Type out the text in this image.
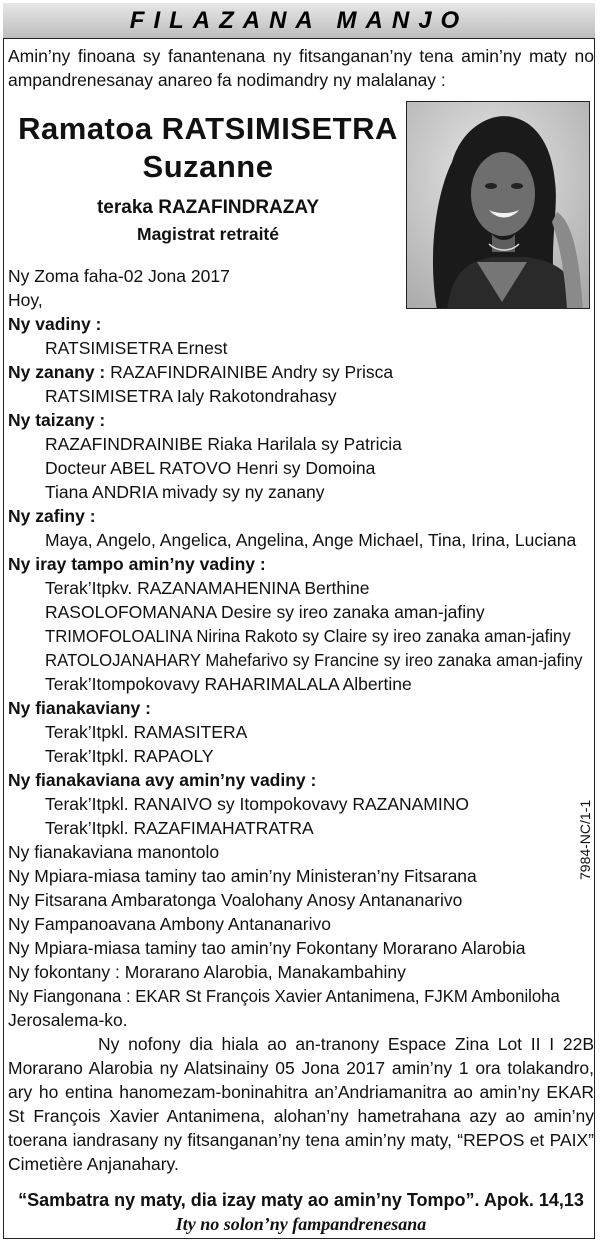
FILAZANA MANJO
Amin’ny finoana sy fanantenana ny fitsanganan’ny tena amin’ny maty no ampandrenesanay anareo fa nodimandry ny malalanay :
Ramatoa RATSIMISETRA
Suzanne
teraka RAZAFINDRAZAY
Magistrat retraité
Ny Zoma faha-02 Jona 2017
Hoy,
Ny vadiny :
RATSIMISETRA Ernest
Ny zanany : RAZAFINDRAINIBE Andry sy Prisca
RATSIMISETRA Ialy Rakotondrahasy
Ny taizany :
RAZAFINDRAINIBE Riaka Harilala sy Patricia
Docteur ABEL RATOVO Henri sy Domoina
Tiana ANDRIA mivady sy ny zanany
Ny zafiny :
Maya, Angelo, Angelica, Angelina, Ange Michael, Tina, Irina, Luciana
Ny iray tampo amin’ny vadiny :
Terak’Itpkv. RAZANAMAHENINA Berthine
RASOLOFOMANANA Desire sy ireo zanaka aman-jafiny
TRIMOFOLOALINA Nirina Rakoto sy Claire sy ireo zanaka aman-jafiny
RATOLOJANAHARY Mahefarivo sy Francine sy ireo zanaka aman-jafiny
Terak’Itompokovavy RAHARIMALALA Albertine
Ny fianakaviany :
Terak’Itpkl. RAMASITERA
Terak’Itpkl. RAPAOLY
Ny fianakaviana avy amin’ny vadiny :
Terak’Itpkl. RANAIVO sy Itompokovavy RAZANAMINO
Terak’Itpkl. RAZAFIMAHATRATRA
Ny fianakaviana manontolo
Ny Mpiara-miasa taminy tao amin’ny Ministeran’ny Fitsarana
Ny Fitsarana Ambaratonga Voalohany Anosy Antananarivo
Ny Fampanoavana Ambony Antananarivo
Ny Mpiara-miasa taminy tao amin’ny Fokontany Morarano Alarobia
Ny fokontany : Morarano Alarobia, Manakambahiny
Ny Fiangonana : EKAR St François Xavier Antanimena, FJKM Amboniloha
Jerosalema-ko.
7984-NC/1-1
Ny nofony dia hiala ao an-tranony Espace Zina Lot II I 22B Morarano Alarobia ny Alatsinainy 05 Jona 2017 amin’ny 1 ora tolakandro, ary ho entina hanomezam-boninahitra an’Andriamanitra ao amin’ny EKAR St François Xavier Antanimena, alohan’ny hametrahana azy ao amin’ny toerana iandrasany ny fitsanganan’ny tena amin’ny maty, “REPOS et PAIX” Cimetière Anjanahary.
“Sambatra ny maty, dia izay maty ao amin’ny Tompo”. Apok. 14,13
Ity no solon’ny fampandrenesana
